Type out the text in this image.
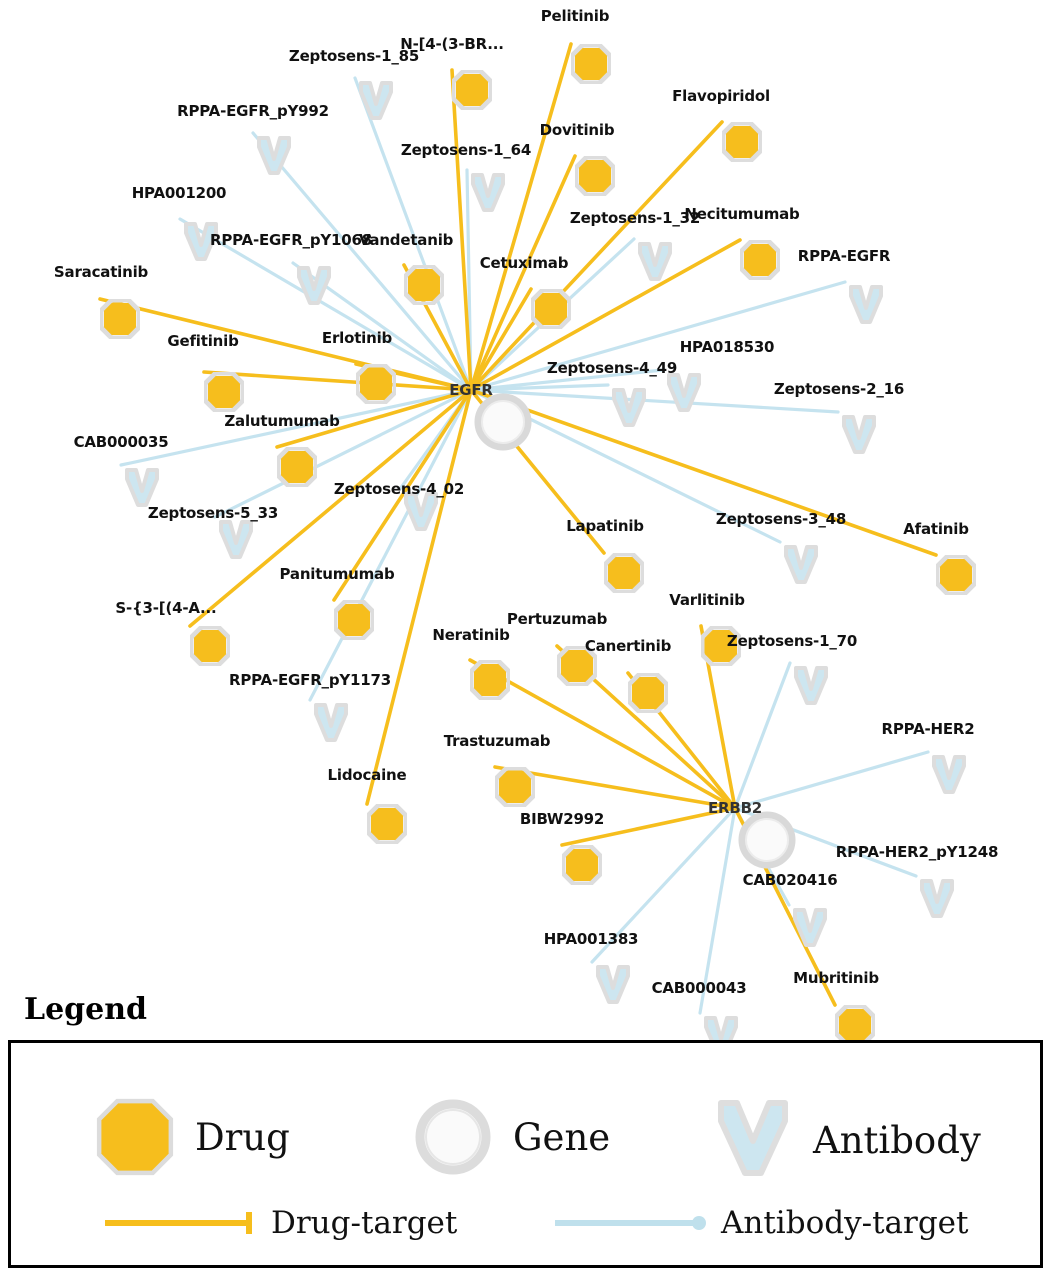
Pelitinib
N-[4-(3-BR...
Flavopiridol
Dovitinib
Necitumumab
Vandetanib
Cetuximab
Saracatinib
Erlotinib
Gefitinib
Zalutumumab
Afatinib
Lapatinib
Varlitinib
Panitumumab
S-{3-[(4-A...
Neratinib
Pertuzumab
Canertinib
Trastuzumab
Lidocaine
BIBW2992
Mubritinib
Zeptosens-1_85
RPPA-EGFR_pY992
Zeptosens-1_64
HPA001200
Zeptosens-1_32
RPPA-EGFR_pY1068
RPPA-EGFR
HPA018530
Zeptosens-4_49
Zeptosens-2_16
CAB000035
Zeptosens-4_02
Zeptosens-5_33	Zeptosens-3_48
Zeptosens-1_70
RPPA-EGFR_pY1173
RPPA-HER2
RPPA-HER2_pY1248
CAB020416
HPA001383
CAB000043
EGFR
ERBB2
Legend
Drug	Gene	Antibody
Drug-target	Antibody-target
